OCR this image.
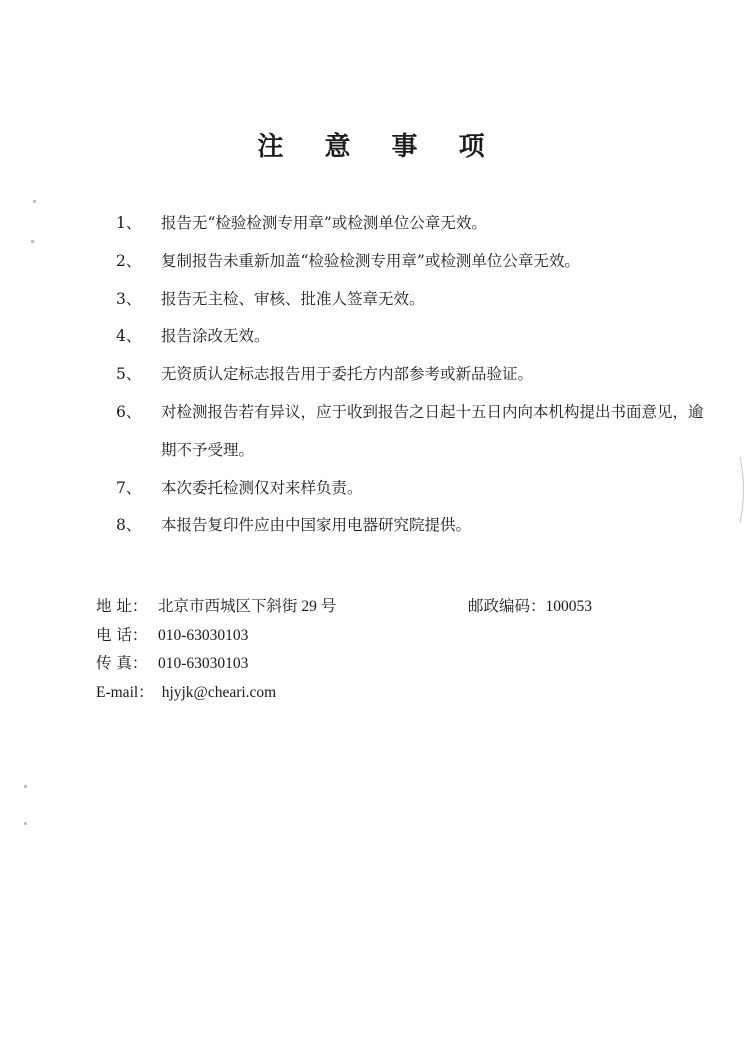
注 意 事 项
1、 报告无“检验检测专用章”或检测单位公章无效。
2、 复制报告未重新加盖“检验检测专用章”或检测单位公章无效。
3、 报告无主检、审核、批准人签章无效。
4、 报告涂改无效。
5、 无资质认定标志报告用于委托方内部参考或新品验证。
6、 对检测报告若有异议，应于收到报告之日起十五日内向本机构提出书面意见，逾期不予受理。
7、 本次委托检测仅对来样负责。
8、 本报告复印件应由中国家用电器研究院提供。
地 址： 北京市西城区下斜街 29 号	邮政编码：100053
电 话： 010-63030103
传 真： 010-63030103
E-mail： hjyjk@cheari.com
